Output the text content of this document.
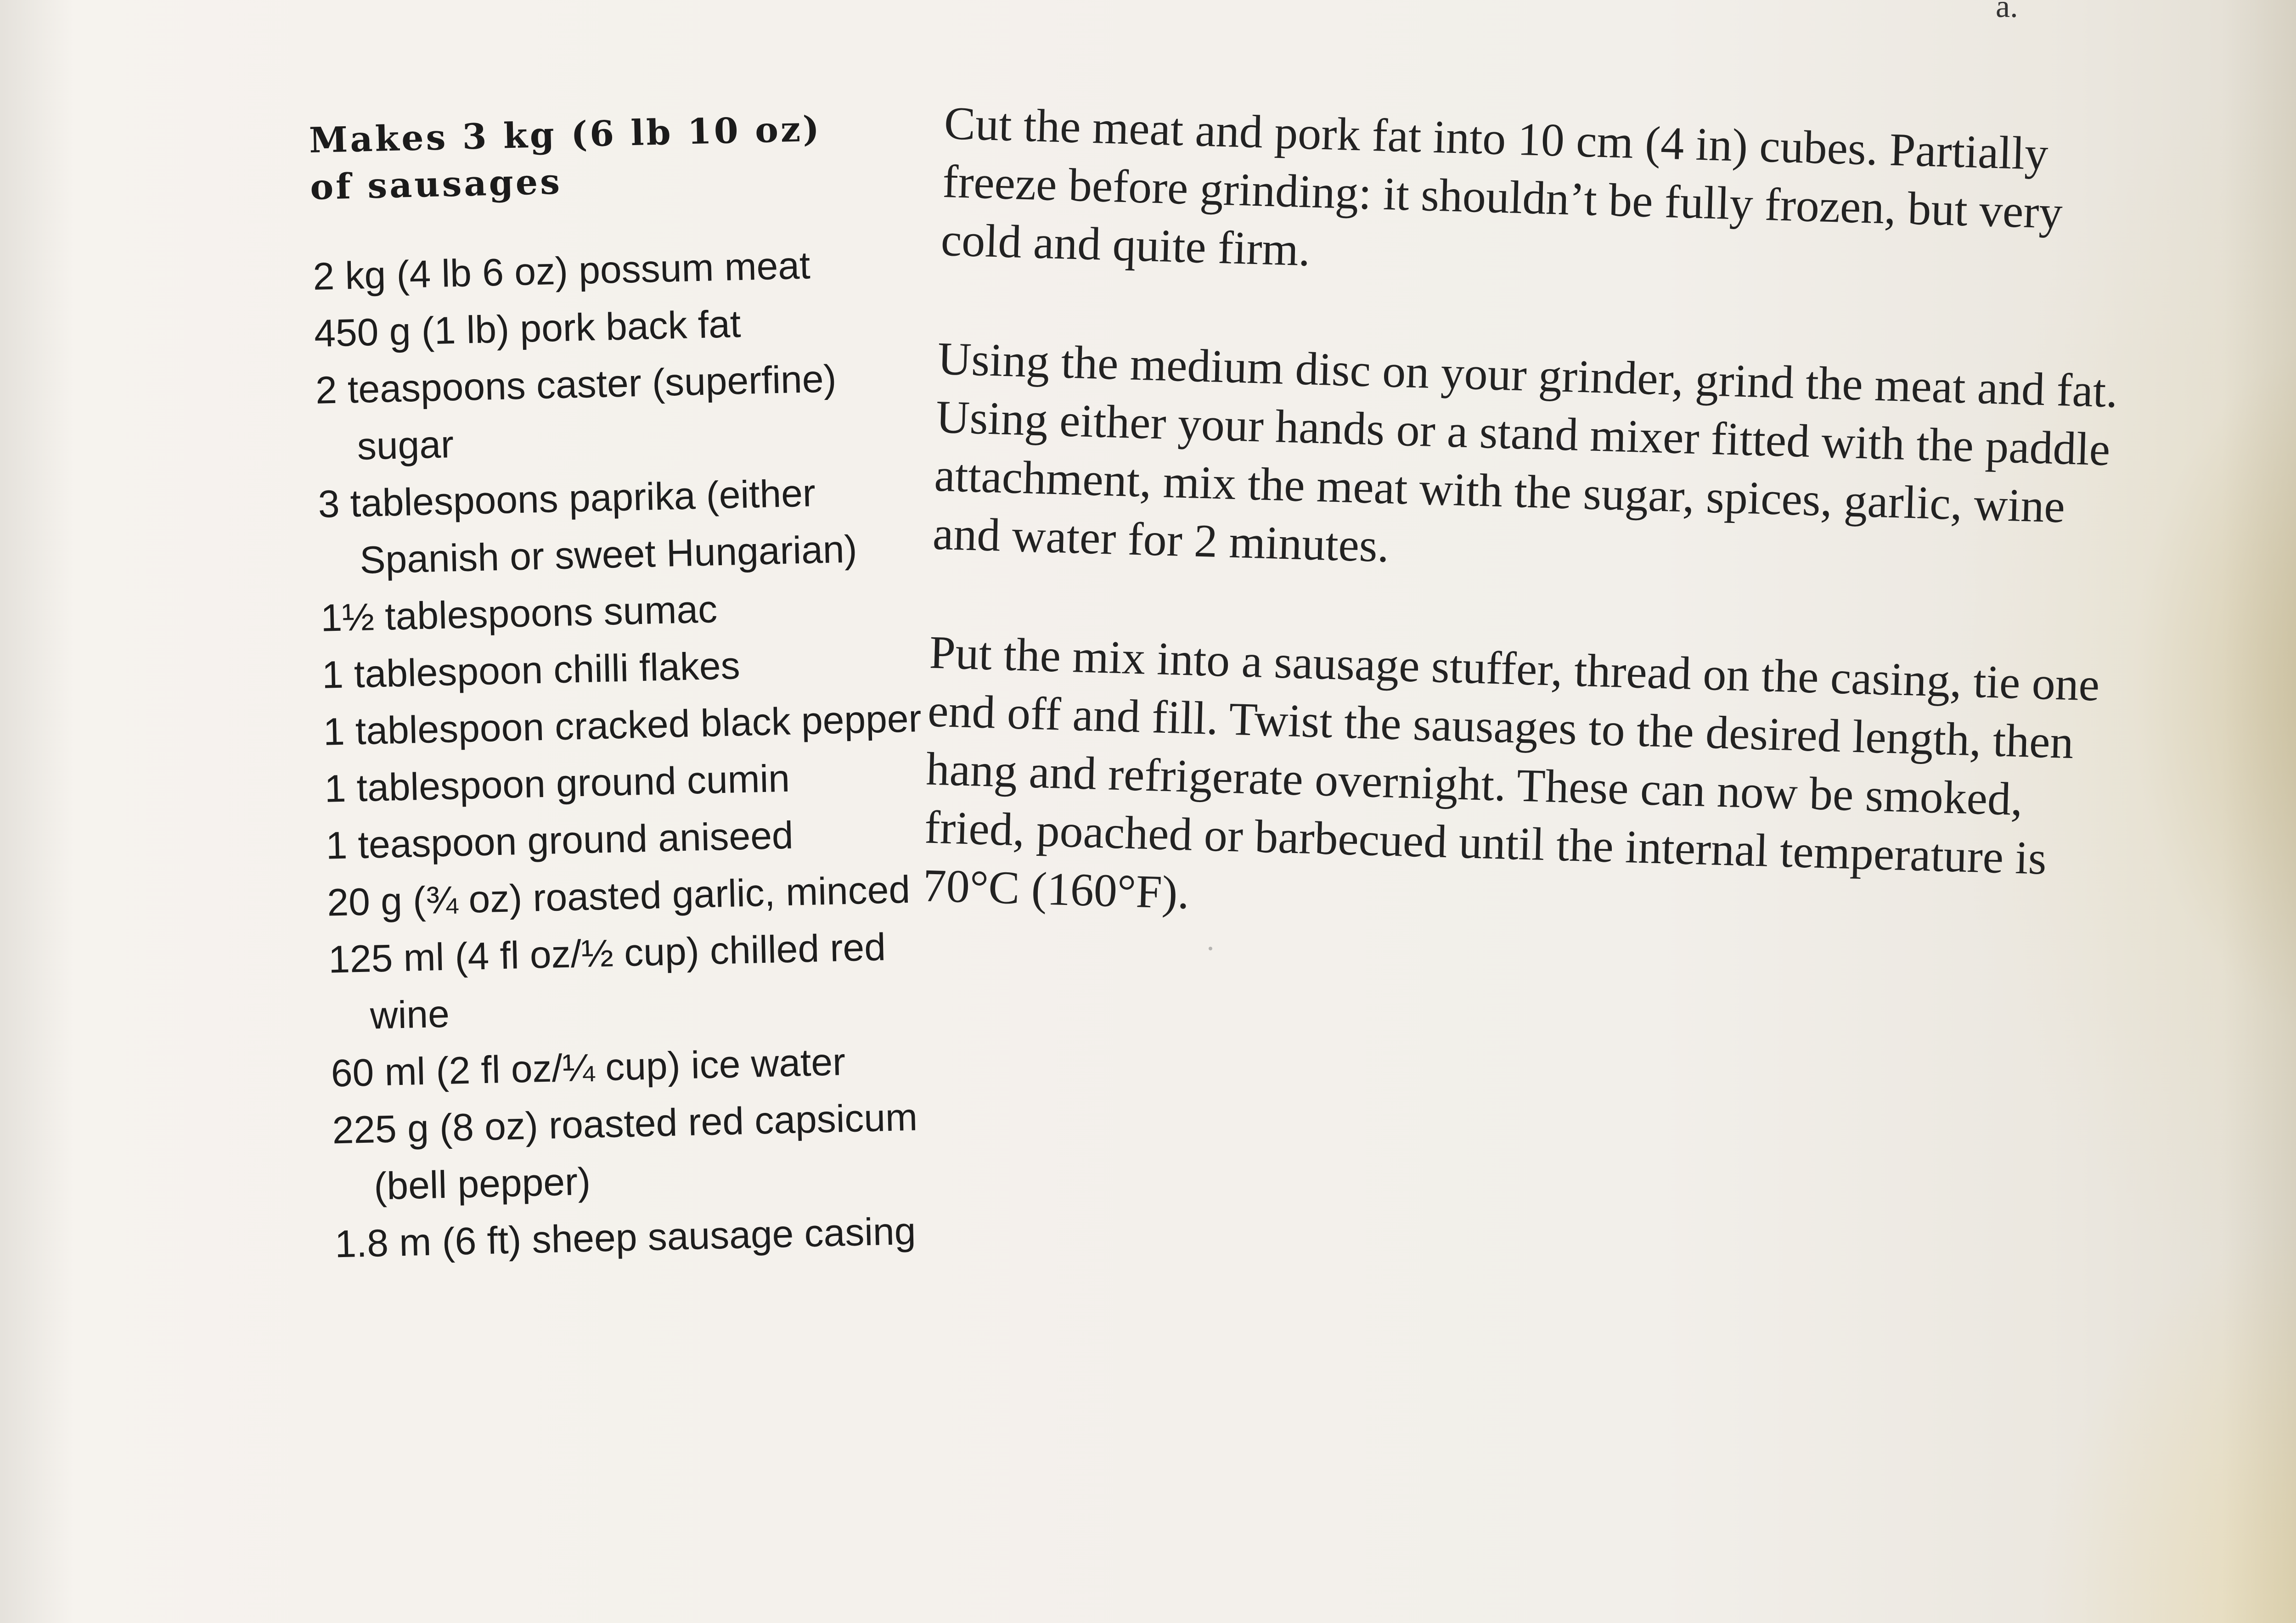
a.
Makes 3 kg (6 lb 10 oz)
of sausages

2 kg (4 lb 6 oz) possum meat

450 g (1 lb) pork back fat

2 teaspoons caster (superfine) sugar

3 tablespoons paprika (either Spanish or sweet Hungarian)

1½ tablespoons sumac

1 tablespoon chilli flakes

1 tablespoon cracked black pepper

1 tablespoon ground cumin

1 teaspoon ground aniseed

20 g (¾ oz) roasted garlic, minced

125 ml (4 fl oz/½ cup) chilled red wine

60 ml (2 fl oz/¼ cup) ice water

225 g (8 oz) roasted red capsicum (bell pepper)

1.8 m (6 ft) sheep sausage casing

Cut the meat and pork fat into 10 cm (4 in) cubes. Partially freeze before grinding: it shouldn’t be fully frozen, but very cold and quite firm.

Using the medium disc on your grinder, grind the meat and fat. Using either your hands or a stand mixer fitted with the paddle attachment, mix the meat with the sugar, spices, garlic, wine and water for 2 minutes.

Put the mix into a sausage stuffer, thread on the casing, tie one end off and fill. Twist the sausages to the desired length, then hang and refrigerate overnight. These can now be smoked, fried, poached or barbecued until the internal temperature is 70°C (160°F).
